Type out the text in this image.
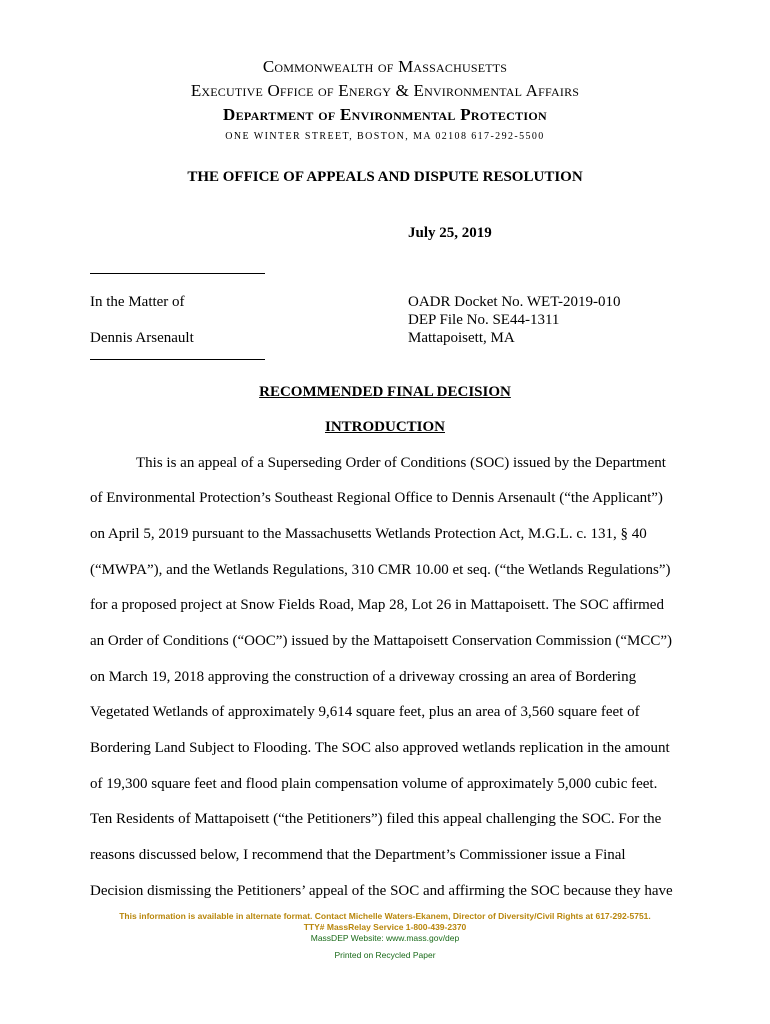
Commonwealth of Massachusetts
Executive Office of Energy & Environmental Affairs
Department of Environmental Protection
ONE WINTER STREET, BOSTON, MA 02108 617-292-5500
THE OFFICE OF APPEALS AND DISPUTE RESOLUTION
July 25, 2019
In the Matter of
Dennis Arsenault
OADR Docket No. WET-2019-010
DEP File No. SE44-1311
Mattapoisett, MA
RECOMMENDED FINAL DECISION
INTRODUCTION
This is an appeal of a Superseding Order of Conditions (SOC) issued by the Department
of Environmental Protection’s Southeast Regional Office to Dennis Arsenault (“the Applicant”)
on April 5, 2019 pursuant to the Massachusetts Wetlands Protection Act, M.G.L. c. 131, § 40
(“MWPA”), and the Wetlands Regulations, 310 CMR 10.00 et seq. (“the Wetlands Regulations”)
for a proposed project at Snow Fields Road, Map 28, Lot 26 in Mattapoisett. The SOC affirmed
an Order of Conditions (“OOC”) issued by the Mattapoisett Conservation Commission (“MCC”)
on March 19, 2018 approving the construction of a driveway crossing an area of Bordering
Vegetated Wetlands of approximately 9,614 square feet, plus an area of 3,560 square feet of
Bordering Land Subject to Flooding. The SOC also approved wetlands replication in the amount
of 19,300 square feet and flood plain compensation volume of approximately 5,000 cubic feet.
Ten Residents of Mattapoisett (“the Petitioners”) filed this appeal challenging the SOC. For the
reasons discussed below, I recommend that the Department’s Commissioner issue a Final
Decision dismissing the Petitioners’ appeal of the SOC and affirming the SOC because they have
This information is available in alternate format. Contact Michelle Waters-Ekanem, Director of Diversity/Civil Rights at 617-292-5751.
TTY# MassRelay Service 1-800-439-2370
MassDEP Website: www.mass.gov/dep
Printed on Recycled Paper
